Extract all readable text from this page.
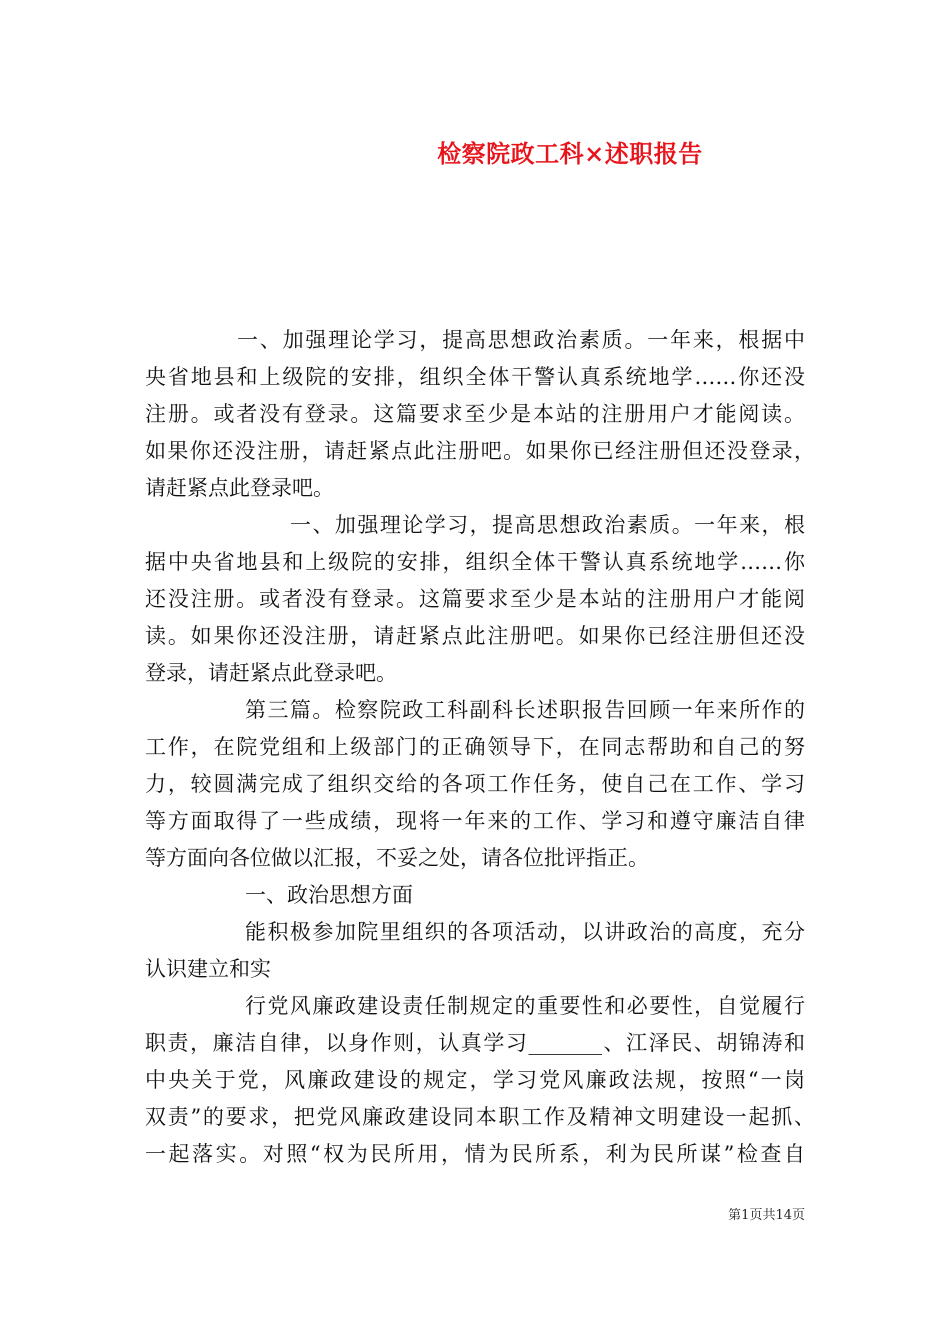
检察院政工科×述职报告
一、加强理论学习，提高思想政治素质。一年来，根据中
央省地县和上级院的安排，组织全体干警认真系统地学……你还没
注册。或者没有登录。这篇要求至少是本站的注册用户才能阅读。
如果你还没注册，请赶紧点此注册吧。如果你已经注册但还没登录，
请赶紧点此登录吧。
一、加强理论学习，提高思想政治素质。一年来，根
据中央省地县和上级院的安排，组织全体干警认真系统地学……你
还没注册。或者没有登录。这篇要求至少是本站的注册用户才能阅
读。如果你还没注册，请赶紧点此注册吧。如果你已经注册但还没
登录，请赶紧点此登录吧。
第三篇。检察院政工科副科长述职报告回顾一年来所作的
工作，在院党组和上级部门的正确领导下，在同志帮助和自己的努
力，较圆满完成了组织交给的各项工作任务，使自己在工作、学习
等方面取得了一些成绩，现将一年来的工作、学习和遵守廉洁自律
等方面向各位做以汇报，不妥之处，请各位批评指正。
一、政治思想方面
能积极参加院里组织的各项活动，以讲政治的高度，充分
认识建立和实
行党风廉政建设责任制规定的重要性和必要性，自觉履行
职责，廉洁自律，以身作则，认真学习_______、江泽民、胡锦涛和
中央关于党，风廉政建设的规定，学习党风廉政法规，按照“一岗
双责”的要求，把党风廉政建设同本职工作及精神文明建设一起抓、
一起落实。对照“权为民所用，情为民所系，利为民所谋”检查自
第1页共14页
